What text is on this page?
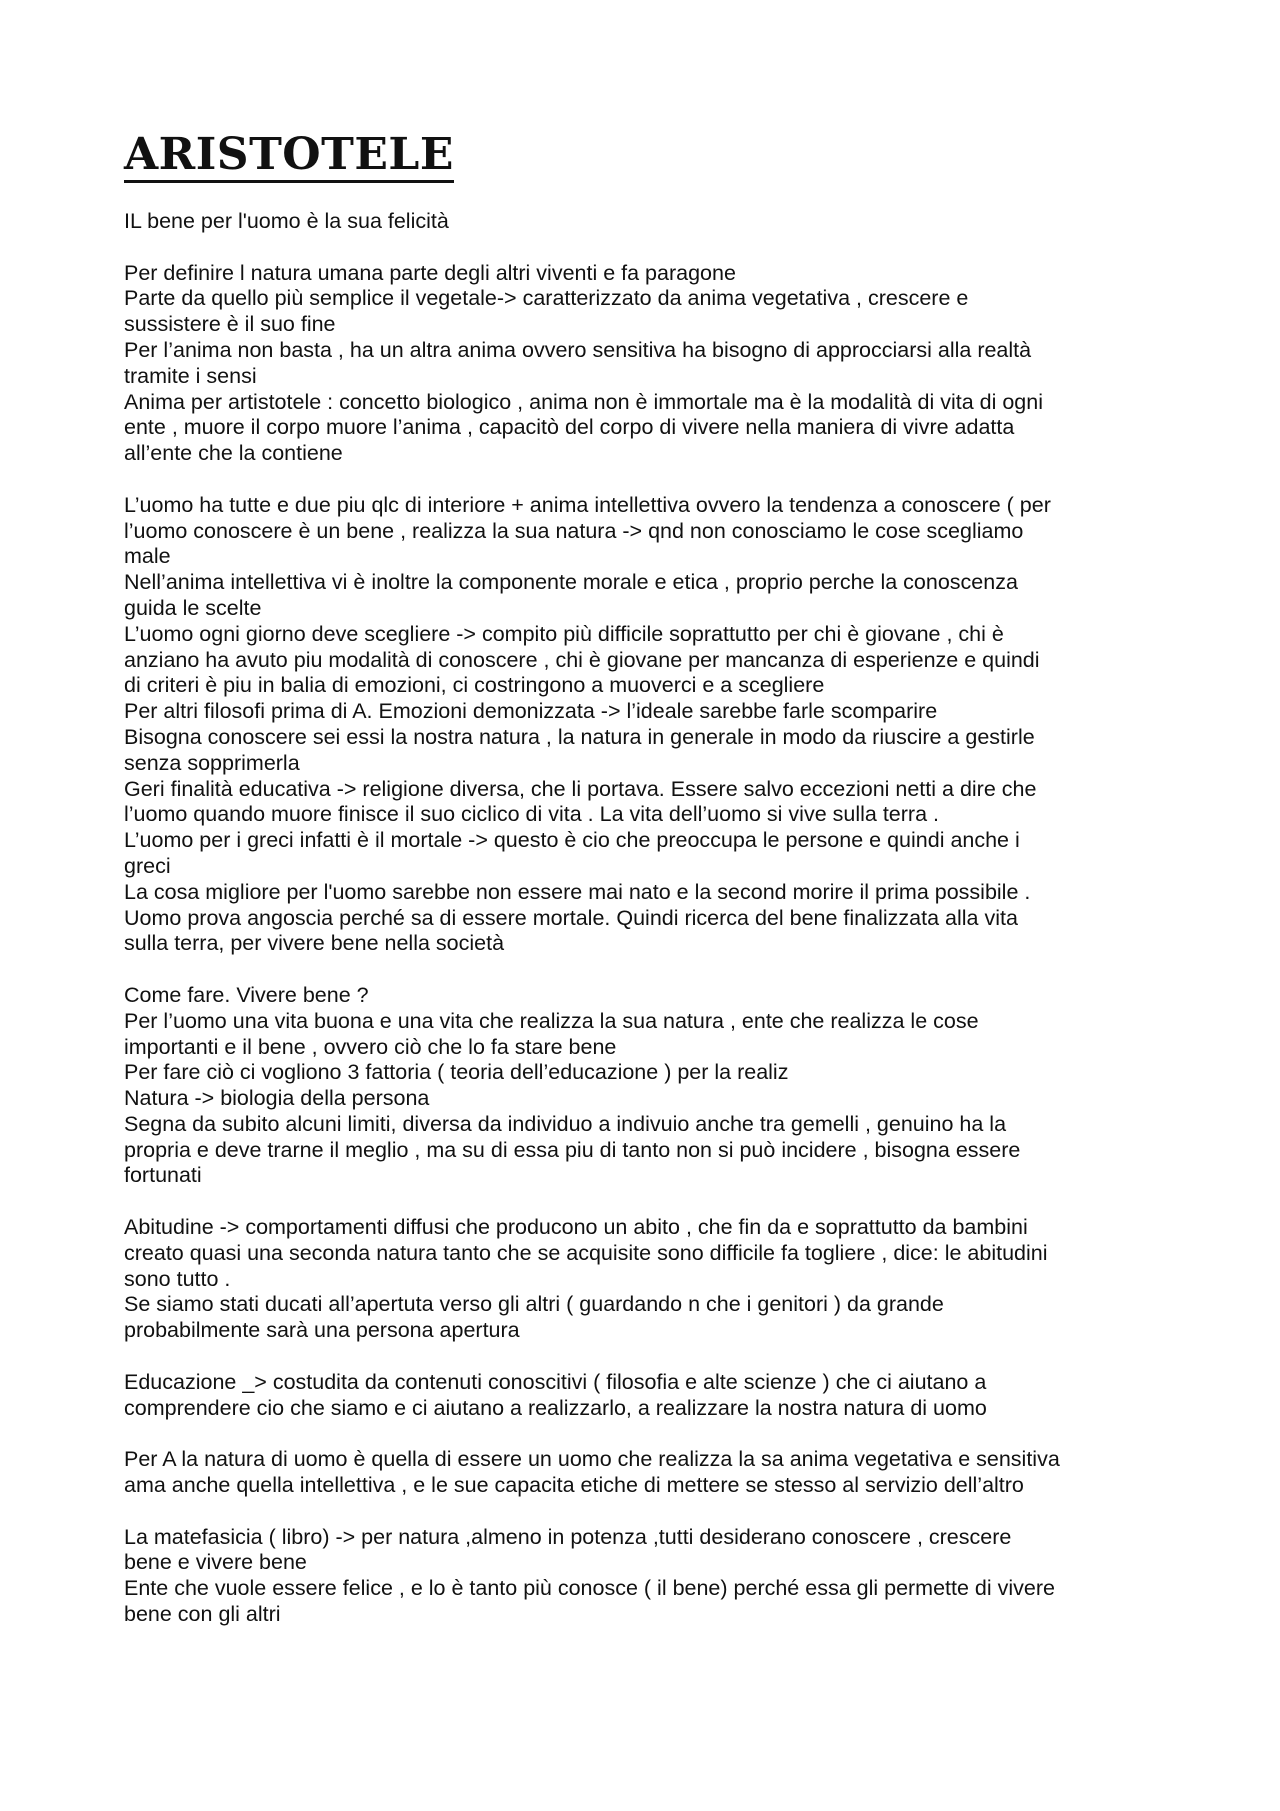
ARISTOTELE
IL bene per l'uomo è la sua felicità
Per definire l natura umana parte degli altri viventi e fa paragone
Parte da quello più semplice il vegetale-> caratterizzato da anima vegetativa , crescere e
sussistere è il suo fine
Per l’anima non basta , ha un altra anima ovvero sensitiva ha bisogno di approcciarsi alla realtà
tramite i sensi
Anima per artistotele : concetto biologico , anima non è immortale ma è la modalità di vita di ogni
ente , muore il corpo muore l’anima , capacitò del corpo di vivere nella maniera di vivre adatta
all’ente che la contiene
L’uomo ha tutte e due piu qlc di interiore + anima intellettiva ovvero la tendenza a conoscere ( per
l’uomo conoscere è un bene , realizza la sua natura -> qnd non conosciamo le cose scegliamo
male
Nell’anima intellettiva vi è inoltre la componente morale e etica , proprio perche la conoscenza
guida le scelte
L’uomo ogni giorno deve scegliere -> compito più difficile soprattutto per chi è giovane , chi è
anziano ha avuto piu modalità di conoscere , chi è giovane per mancanza di esperienze e quindi
di criteri è piu in balia di emozioni, ci costringono a muoverci e a scegliere
Per altri filosofi prima di A. Emozioni demonizzata -> l’ideale sarebbe farle scomparire
Bisogna conoscere sei essi la nostra natura , la natura in generale in modo da riuscire a gestirle
senza sopprimerla
Geri finalità educativa -> religione diversa, che li portava. Essere salvo eccezioni netti a dire che
l’uomo quando muore finisce il suo ciclico di vita . La vita dell’uomo si vive sulla terra .
L’uomo per i greci infatti è il mortale -> questo è cio che preoccupa le persone e quindi anche i
greci
La cosa migliore per l'uomo sarebbe non essere mai nato e la second morire il prima possibile .
Uomo prova angoscia perché sa di essere mortale. Quindi ricerca del bene finalizzata alla vita
sulla terra, per vivere bene nella società
Come fare. Vivere bene ?
Per l’uomo una vita buona e una vita che realizza la sua natura , ente che realizza le cose
importanti e il bene , ovvero ciò che lo fa stare bene
Per fare ciò ci vogliono 3 fattoria ( teoria dell’educazione ) per la realiz
Natura -> biologia della persona
Segna da subito alcuni limiti, diversa da individuo a indivuio anche tra gemelli , genuino ha la
propria e deve trarne il meglio , ma su di essa piu di tanto non si può incidere , bisogna essere
fortunati
Abitudine -> comportamenti diffusi che producono un abito , che fin da e soprattutto da bambini
creato quasi una seconda natura tanto che se acquisite sono difficile fa togliere , dice: le abitudini
sono tutto .
Se siamo stati ducati all’apertuta verso gli altri ( guardando n che i genitori ) da grande
probabilmente sarà una persona apertura
Educazione _> costudita da contenuti conoscitivi ( filosofia e alte scienze ) che ci aiutano a
comprendere cio che siamo e ci aiutano a realizzarlo, a realizzare la nostra natura di uomo
Per A la natura di uomo è quella di essere un uomo che realizza la sa anima vegetativa e sensitiva
ama anche quella intellettiva , e le sue capacita etiche di mettere se stesso al servizio dell’altro
La matefasicia ( libro) -> per natura ,almeno in potenza ,tutti desiderano conoscere , crescere
bene e vivere bene
Ente che vuole essere felice , e lo è tanto più conosce ( il bene) perché essa gli permette di vivere
bene con gli altri
